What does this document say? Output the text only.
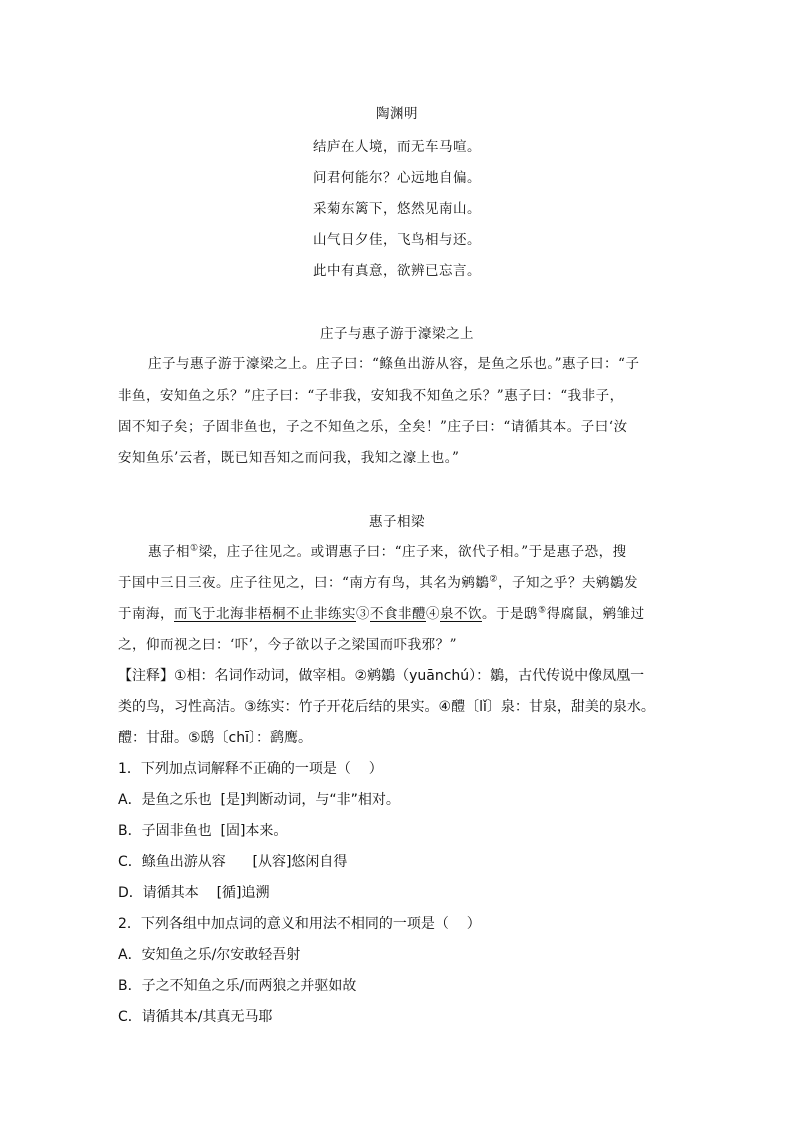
陶渊明
结庐在人境，而无车马喧。
问君何能尔？心远地自偏。
采菊东篱下，悠然见南山。
山气日夕佳，飞鸟相与还。
此中有真意，欲辨已忘言。
庄子与惠子游于濠梁之上
庄子与惠子游于濠梁之上。庄子曰：“鲦鱼出游从容，是鱼之乐也。”惠子曰：“子
非鱼，安知鱼之乐？”庄子曰：“子非我，安知我不知鱼之乐？”惠子曰：“我非子，
固不知子矣；子固非鱼也，子之不知鱼之乐，全矣！”庄子曰：“请循其本。子曰‘汝
安知鱼乐’云者，既已知吾知之而问我，我知之濠上也。”
惠子相梁
惠子相①梁，庄子往见之。或谓惠子曰：“庄子来，欲代子相。”于是惠子恐，搜
于国中三日三夜。庄子往见之，曰：“南方有鸟，其名为鹓鶵②，子知之乎？夫鹓鶵发
于南海，而飞于北海非梧桐不止非练实③不食非醴④泉不饮。于是鸱⑤得腐鼠，鹓雏过
之，仰而视之曰：‘吓’，今子欲以子之梁国而吓我邪？”
【注释】①相：名词作动词，做宰相。②鹓鶵（yuānchú）：鶵，古代传说中像凤凰一
类的鸟，习性高洁。③练实：竹子开花后结的果实。④醴〔lǐ〕泉：甘泉，甜美的泉水。
醴：甘甜。⑤鸱〔chī〕：鹞鹰。
1．下列加点词解释不正确的一项是（    ）
A．是鱼之乐也  [是]判断动词，与“非”相对。
B．子固非鱼也  [固]本来。
C．鲦鱼出游从容      [从容]悠闲自得
D．请循其本    [循]追溯
2．下列各组中加点词的意义和用法不相同的一项是（    ）
A．安知鱼之乐/尔安敢轻吾射
B．子之不知鱼之乐/而两狼之并驱如故
C．请循其本/其真无马耶
